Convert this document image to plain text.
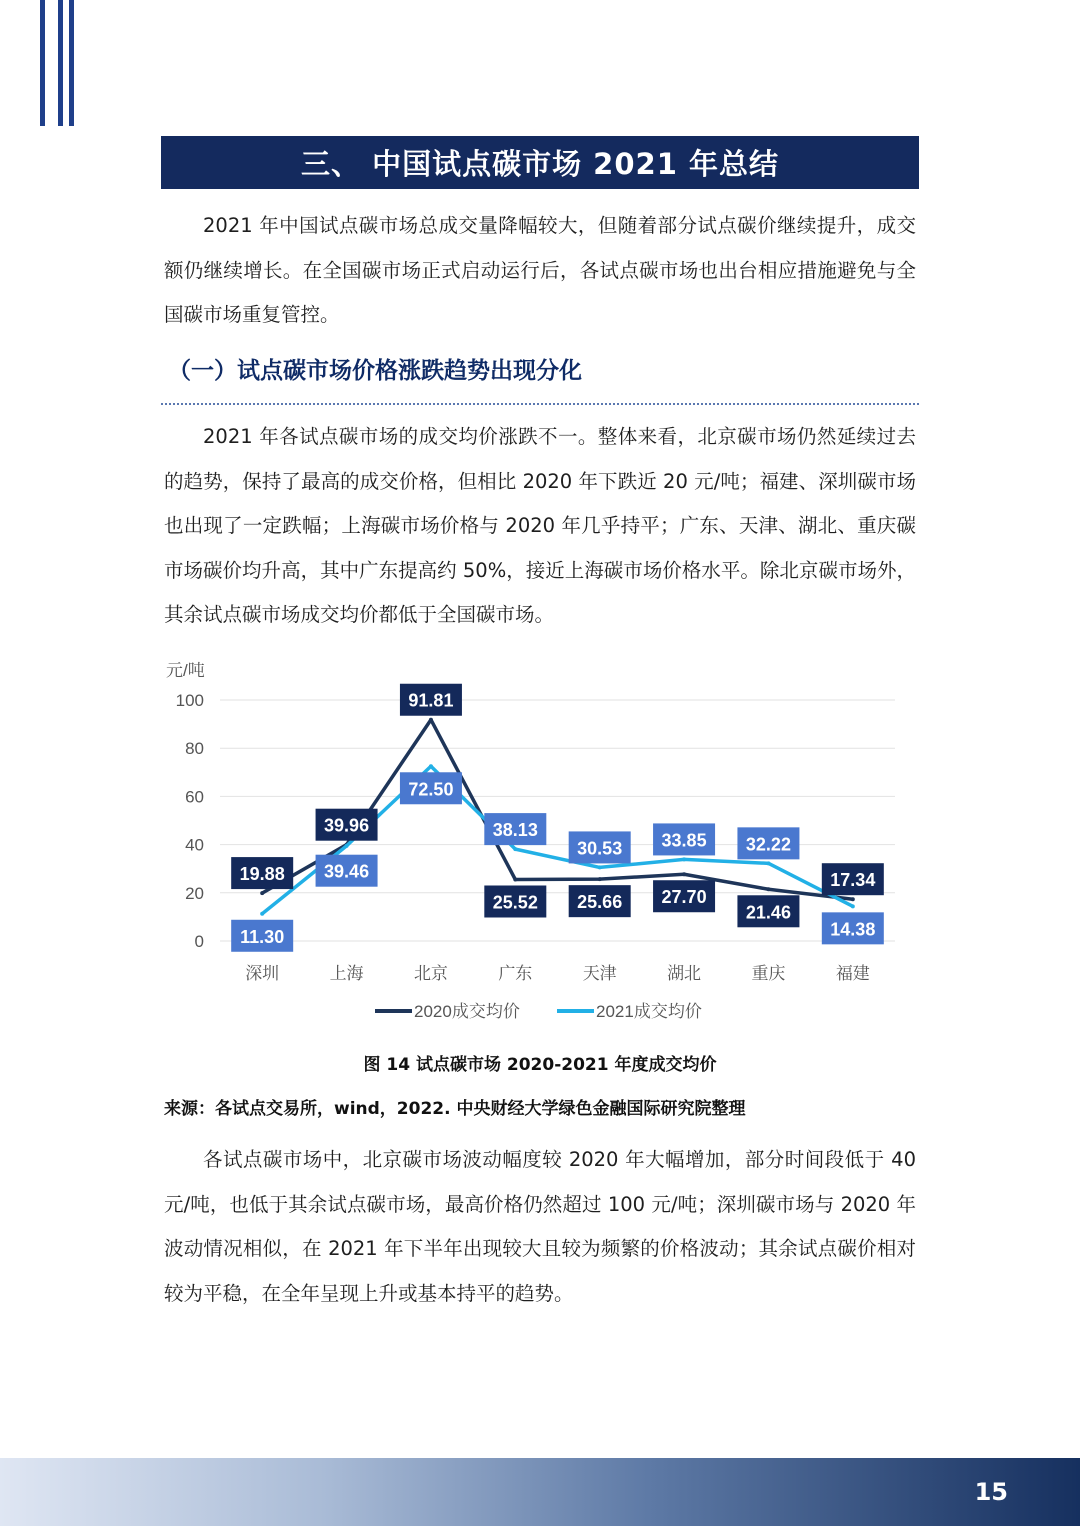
三、 中国试点碳市场 2021 年总结

2021 年中国试点碳市场总成交量降幅较大，但随着部分试点碳价继续提升，成交额仍继续增长。在全国碳市场正式启动运行后，各试点碳市场也出台相应措施避免与全国碳市场重复管控。

（一）试点碳市场价格涨跌趋势出现分化

2021 年各试点碳市场的成交均价涨跌不一。整体来看，北京碳市场仍然延续过去的趋势，保持了最高的成交价格，但相比 2020 年下跌近 20 元/吨；福建、深圳碳市场也出现了一定跌幅；上海碳市场价格与 2020 年几乎持平；广东、天津、湖北、重庆碳市场碳价均升高，其中广东提高约 50%，接近上海碳市场价格水平。除北京碳市场外，其余试点碳市场成交均价都低于全国碳市场。

元/吨
0
20
40
60
80
100
深圳	上海	北京	广东	天津	湖北	重庆	福建
19.88
11.30
39.96
39.46
91.81
72.50
25.52
38.13
25.66
30.53
27.70
33.85
21.46
32.22
17.34
14.38
2020成交均价	2021成交均价
图 14 试点碳市场 2020-2021 年度成交均价
来源：各试点交易所，wind，2022. 中央财经大学绿色金融国际研究院整理

各试点碳市场中，北京碳市场波动幅度较 2020 年大幅增加，部分时间段低于 40 元/吨，也低于其余试点碳市场，最高价格仍然超过 100 元/吨；深圳碳市场与 2020 年波动情况相似，在 2021 年下半年出现较大且较为频繁的价格波动；其余试点碳价相对较为平稳，在全年呈现上升或基本持平的趋势。

15
